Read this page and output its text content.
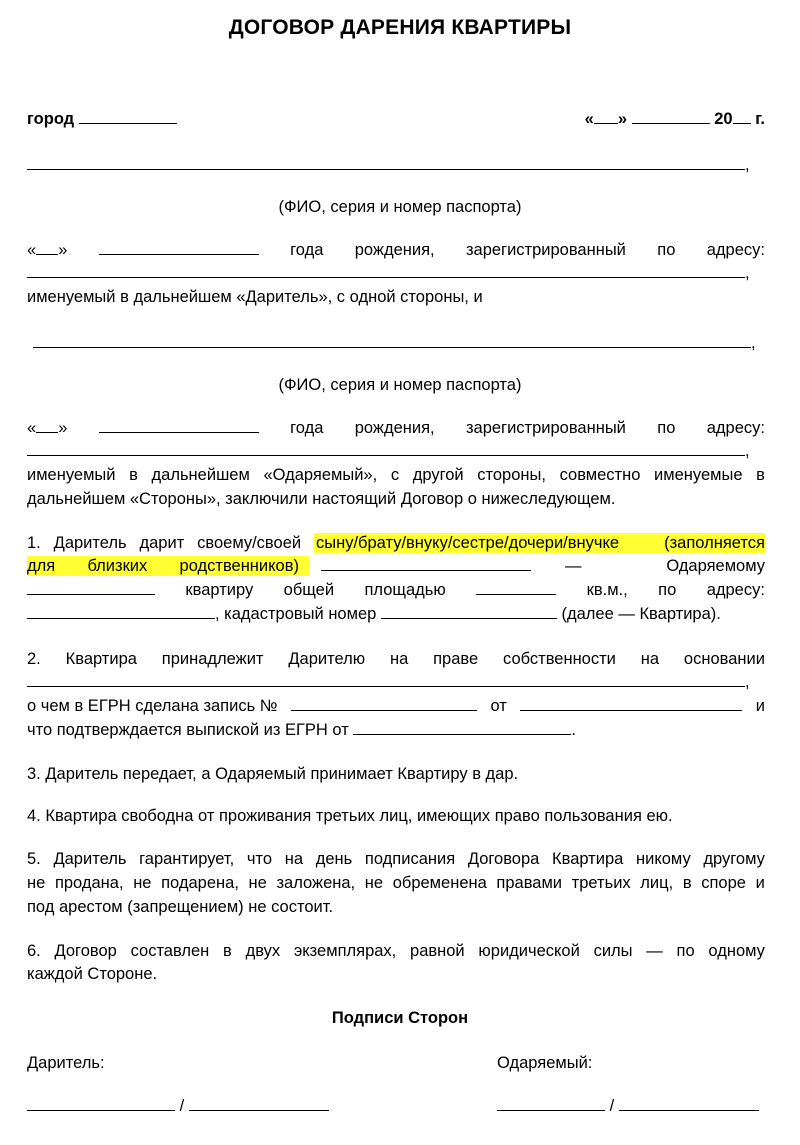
ДОГОВОР ДАРЕНИЯ КВАРТИРЫ
город	« »	20 г.
,
(ФИО, серия и номер паспорта)
« »	года рождения, зарегистрированный по адресу:
,
именуемый в дальнейшем «Даритель», с одной стороны, и
,
(ФИО, серия и номер паспорта)
« »	года рождения, зарегистрированный по адресу:
,
именуемый в дальнейшем «Одаряемый», с другой стороны, совместно именуемые в
дальнейшем «Стороны», заключили настоящий Договор о нижеследующем.
1. Даритель дарит своему/своей сыну/брату/внуку/сестре/дочери/внучке	(заполняется
для близких родственников)	—	Одаряемому
квартиру общей площадью	кв.м., по адресу:
, кадастровый номер	(далее — Квартира).
2. Квартира принадлежит Дарителю на праве собственности на основании
,
о чем в ЕГРН сделана запись №	от	и
что подтверждается выпиской из ЕГРН от	.
3. Даритель передает, а Одаряемый принимает Квартиру в дар.
4. Квартира свободна от проживания третьих лиц, имеющих право пользования ею.
5. Даритель гарантирует, что на день подписания Договора Квартира никому другому
не продана, не подарена, не заложена, не обременена правами третьих лиц, в споре и
под арестом (запрещением) не состоит.
6. Договор составлен в двух экземплярах, равной юридической силы — по одному
каждой Стороне.
Подписи Сторон
Даритель:	Одаряемый:
/	/
